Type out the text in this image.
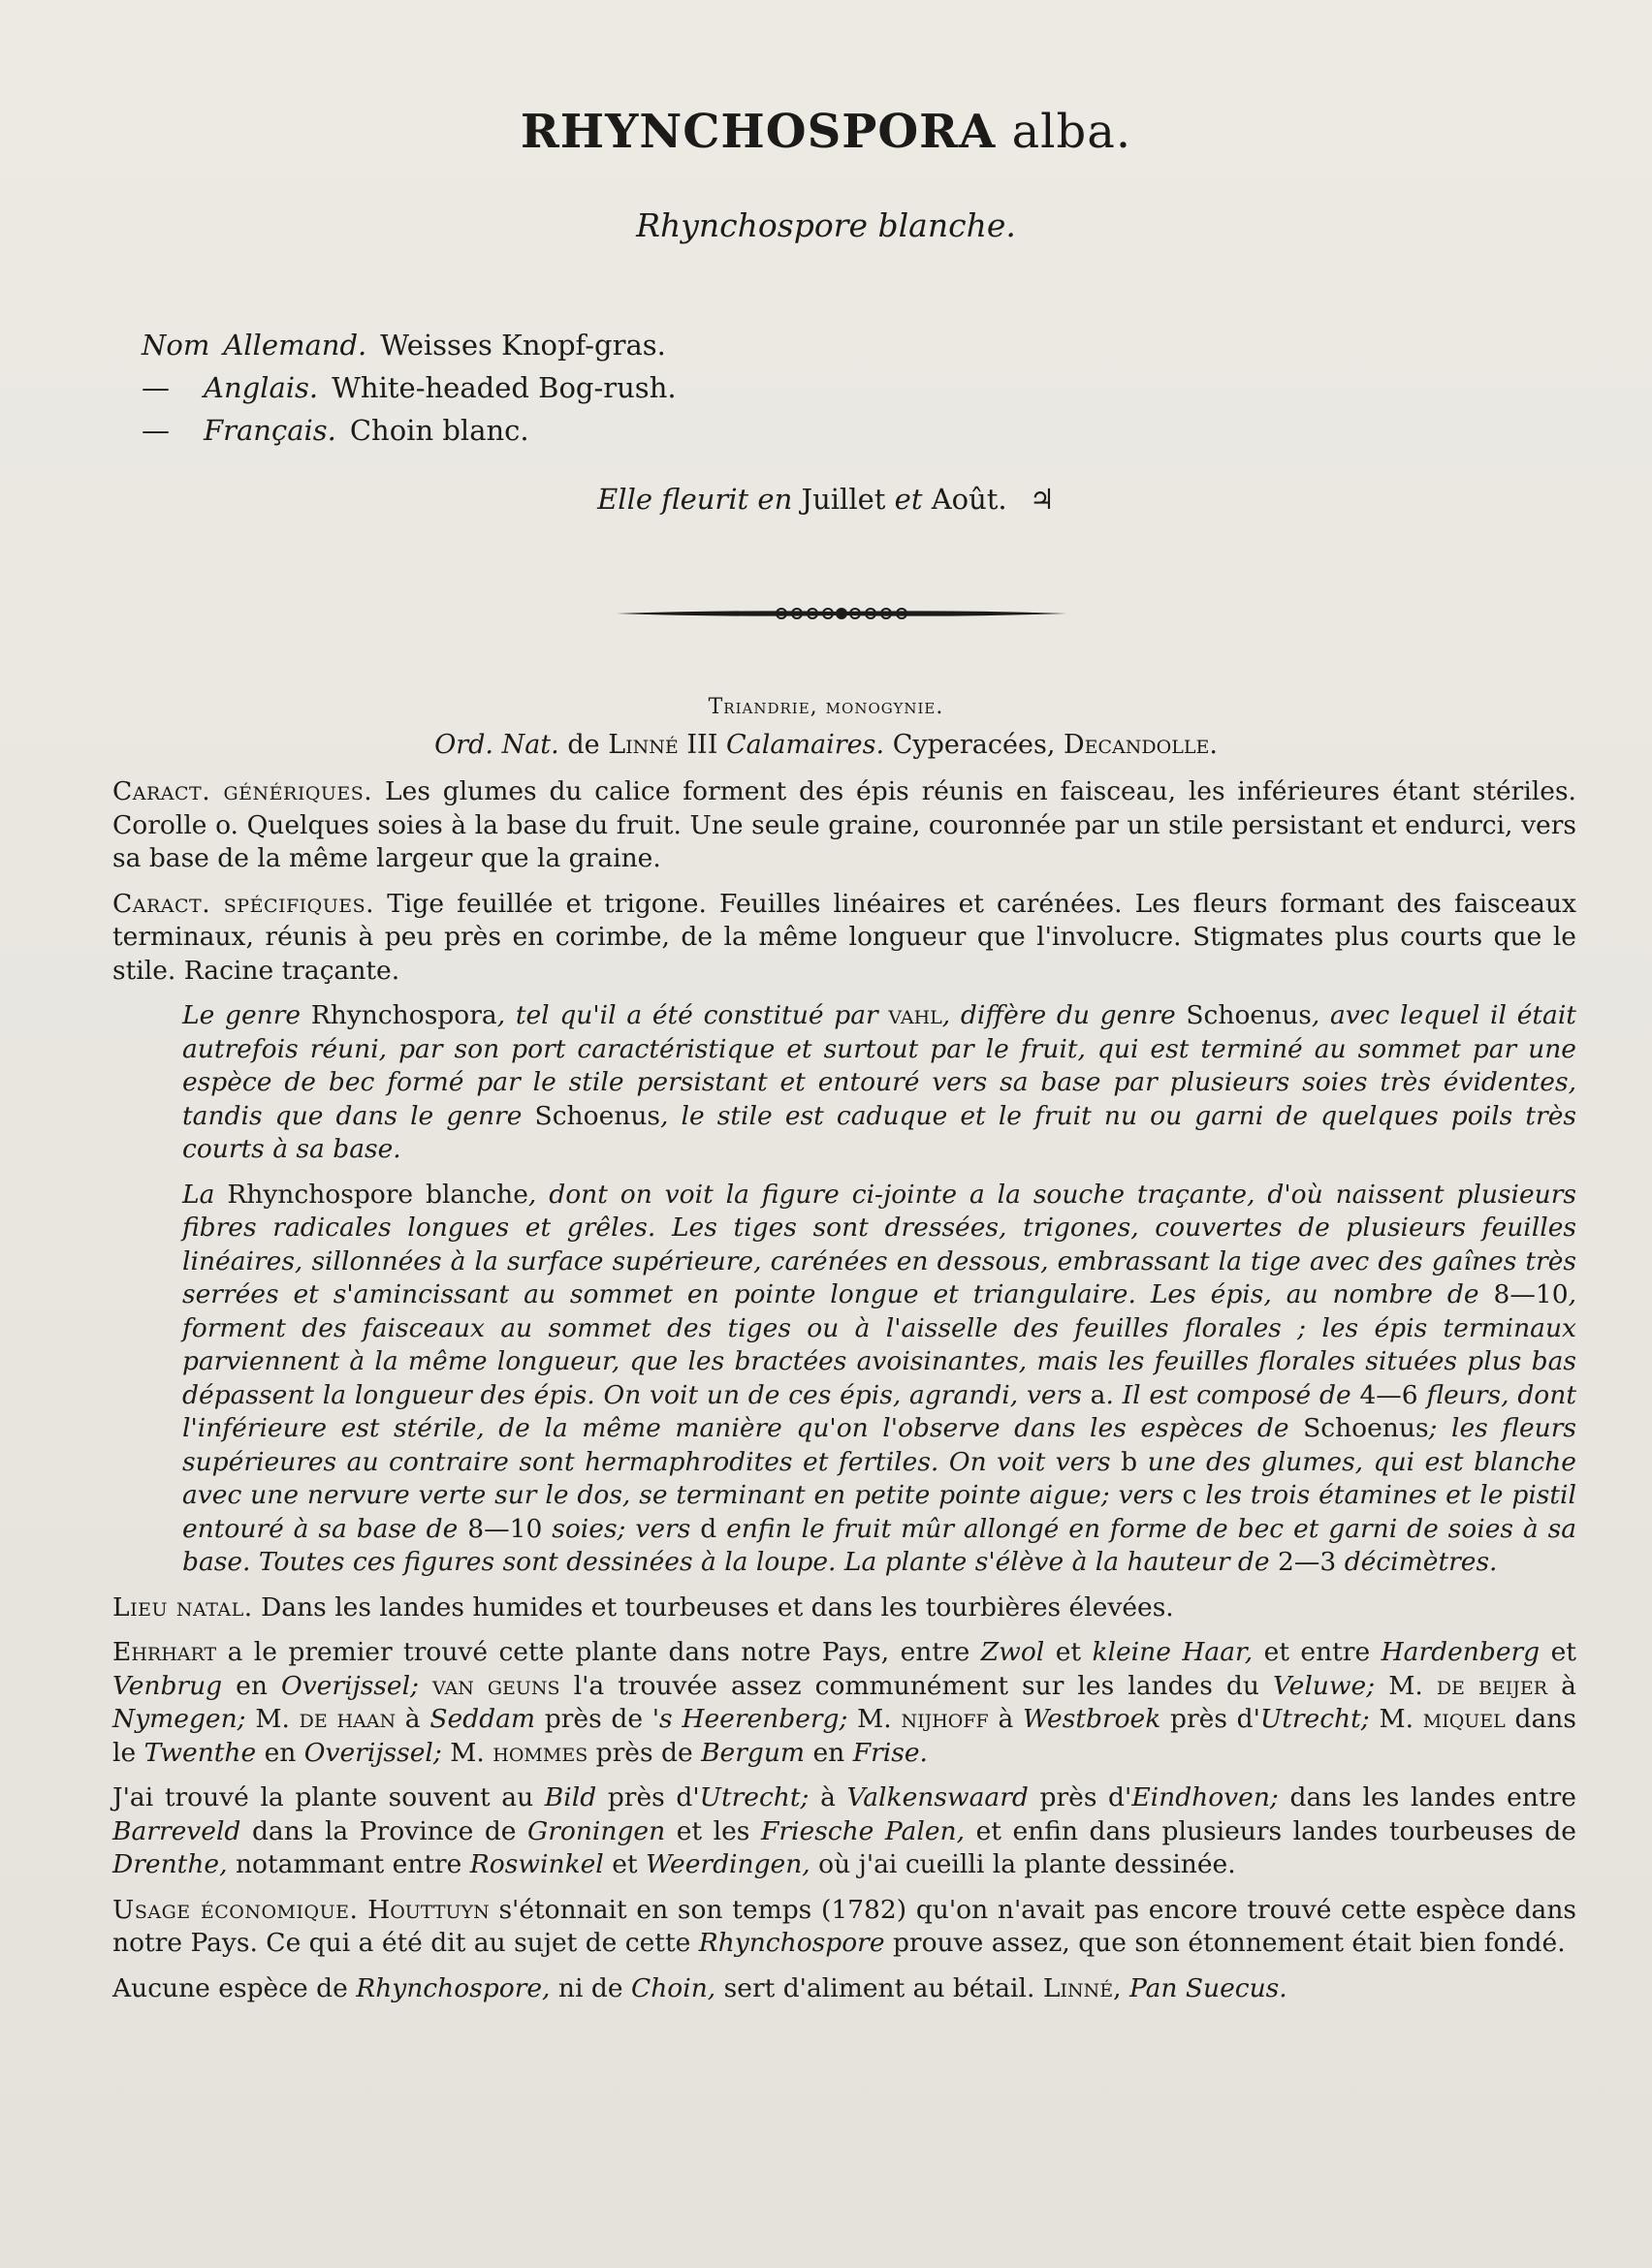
RHYNCHOSPORA alba.
Rhynchospore blanche.
Nom Allemand. Weisses Knopf-gras.
—	Anglais. White-headed Bog-rush.
—	Français. Choin blanc.
Elle fleurit en Juillet et Août. ♃
Triandrie, monogynie.
Ord. Nat. de Linné III Calamaires. Cyperacées, Decandolle.

Caract. génériques. Les glumes du calice forment des épis réunis en faisceau, les inférieures étant stériles. Corolle o. Quelques soies à la base du fruit. Une seule graine, couronnée par un stile persistant et endurci, vers sa base de la même largeur que la graine.

Caract. spécifiques. Tige feuillée et trigone. Feuilles linéaires et carénées. Les fleurs formant des faisceaux terminaux, réunis à peu près en corimbe, de la même longueur que l'involucre. Stigmates plus courts que le stile. Racine traçante.

Le genre Rhynchospora, tel qu'il a été constitué par vahl, diffère du genre Schoenus, avec lequel il était autrefois réuni, par son port caractéristique et surtout par le fruit, qui est terminé au sommet par une espèce de bec formé par le stile persistant et entouré vers sa base par plusieurs soies très évidentes, tandis que dans le genre Schoenus, le stile est caduque et le fruit nu ou garni de quelques poils très courts à sa base.

La Rhynchospore blanche, dont on voit la figure ci-jointe a la souche traçante, d'où naissent plusieurs fibres radicales longues et grêles. Les tiges sont dressées, trigones, couvertes de plusieurs feuilles linéaires, sillonnées à la surface supérieure, carénées en dessous, embrassant la tige avec des gaînes très serrées et s'amincissant au sommet en pointe longue et triangulaire. Les épis, au nombre de 8—10, forment des faisceaux au sommet des tiges ou à l'aisselle des feuilles florales ; les épis terminaux parviennent à la même longueur, que les bractées avoisinantes, mais les feuilles florales situées plus bas dépassent la longueur des épis. On voit un de ces épis, agrandi, vers a. Il est composé de 4—6 fleurs, dont l'inférieure est stérile, de la même manière qu'on l'observe dans les espèces de Schoenus; les fleurs supérieures au contraire sont hermaphrodites et fertiles. On voit vers b une des glumes, qui est blanche avec une nervure verte sur le dos, se terminant en petite pointe aigue; vers c les trois étamines et le pistil entouré à sa base de 8—10 soies; vers d enfin le fruit mûr allongé en forme de bec et garni de soies à sa base. Toutes ces figures sont dessinées à la loupe. La plante s'élève à la hauteur de 2—3 décimètres.

Lieu natal. Dans les landes humides et tourbeuses et dans les tourbières élevées.

Ehrhart a le premier trouvé cette plante dans notre Pays, entre Zwol et kleine Haar, et entre Hardenberg et Venbrug en Overijssel; van geuns l'a trouvée assez communément sur les landes du Veluwe; M. de beijer à Nymegen; M. de haan à Seddam près de 's Heerenberg; M. nijhoff à Westbroek près d'Utrecht; M. miquel dans le Twenthe en Overijssel; M. hommes près de Bergum en Frise.

J'ai trouvé la plante souvent au Bild près d'Utrecht; à Valkenswaard près d'Eindhoven; dans les landes entre Barreveld dans la Province de Groningen et les Friesche Palen, et enfin dans plusieurs landes tourbeuses de Drenthe, notammant entre Roswinkel et Weerdingen, où j'ai cueilli la plante dessinée.

Usage économique. Houttuyn s'étonnait en son temps (1782) qu'on n'avait pas encore trouvé cette espèce dans notre Pays. Ce qui a été dit au sujet de cette Rhynchospore prouve assez, que son étonnement était bien fondé.

Aucune espèce de Rhynchospore, ni de Choin, sert d'aliment au bétail. Linné, Pan Suecus.
